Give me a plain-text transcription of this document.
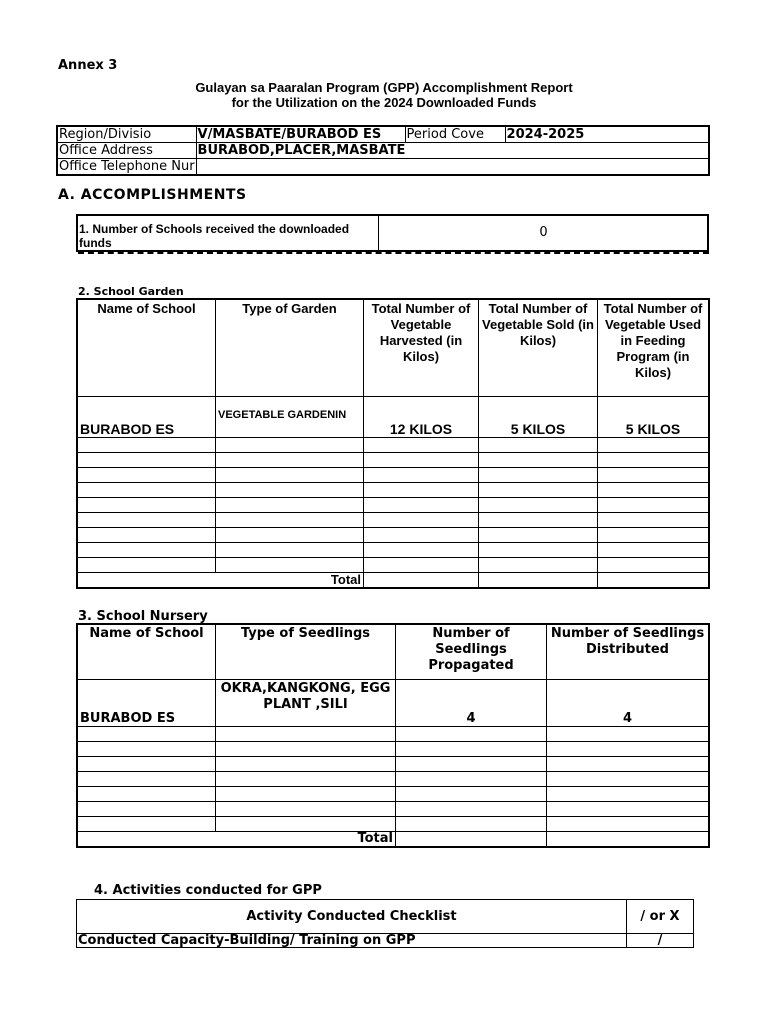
Annex 3
Gulayan sa Paaralan Program (GPP) Accomplishment Report
for the Utilization on the 2024 Downloaded Funds
Region/Divisio	V/MASBATE/BURABOD ES	Period Cove	2024-2025
Office Address	BURABOD,PLACER,MASBATE		
Office Telephone Nur			
A. ACCOMPLISHMENTS
1. Number of Schools received the downloaded funds
0
2. School Garden
Name of School	Type of Garden	Total Number of Vegetable Harvested (in Kilos)	Total Number of Vegetable Sold (in Kilos)	Total Number of Vegetable Used in Feeding Program (in Kilos)
BURABOD ES	VEGETABLE GARDENIN	12 KILOS	5 KILOS	5 KILOS

Total				
3. School Nursery
Name of School	Type of Seedlings	Number of Seedlings Propagated	Number of Seedlings Distributed
BURABOD ES	OKRA,KANGKONG, EGG PLANT ,SILI	4	4

Total			
4. Activities conducted for GPP
Activity Conducted Checklist	/ or X
Conducted Capacity-Building/ Training on GPP	/
